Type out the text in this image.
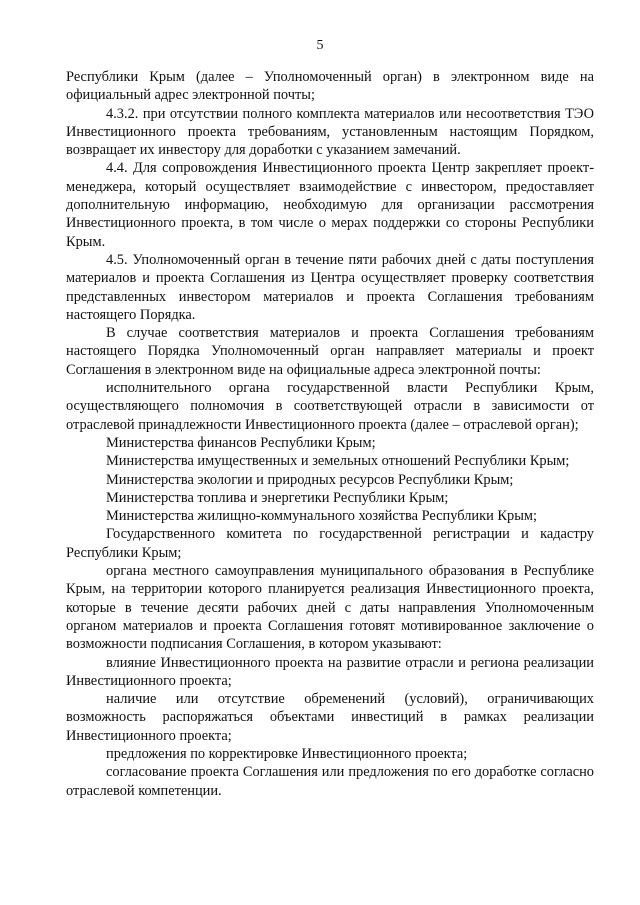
5

Республики Крым (далее – Уполномоченный орган) в электронном виде на официальный адрес электронной почты;

4.3.2. при отсутствии полного комплекта материалов или несоответствия ТЭО Инвестиционного проекта требованиям, установленным настоящим Порядком, возвращает их инвестору для доработки с указанием замечаний.

4.4. Для сопровождения Инвестиционного проекта Центр закрепляет проект-менеджера, который осуществляет взаимодействие с инвестором, предоставляет дополнительную информацию, необходимую для организации рассмотрения Инвестиционного проекта, в том числе о мерах поддержки со стороны Республики Крым.

4.5. Уполномоченный орган в течение пяти рабочих дней с даты поступления материалов и проекта Соглашения из Центра осуществляет проверку соответствия представленных инвестором материалов и проекта Соглашения требованиям настоящего Порядка.

В случае соответствия материалов и проекта Соглашения требованиям настоящего Порядка Уполномоченный орган направляет материалы и проект Соглашения в электронном виде на официальные адреса электронной почты:

исполнительного органа государственной власти Республики Крым, осуществляющего полномочия в соответствующей отрасли в зависимости от отраслевой принадлежности Инвестиционного проекта (далее – отраслевой орган);

Министерства финансов Республики Крым;

Министерства имущественных и земельных отношений Республики Крым;

Министерства экологии и природных ресурсов Республики Крым;

Министерства топлива и энергетики Республики Крым;

Министерства жилищно-коммунального хозяйства Республики Крым;

Государственного комитета по государственной регистрации и кадастру Республики Крым;

органа местного самоуправления муниципального образования в Республике Крым, на территории которого планируется реализация Инвестиционного проекта, которые в течение десяти рабочих дней с даты направления Уполномоченным органом материалов и проекта Соглашения готовят мотивированное заключение о возможности подписания Соглашения, в котором указывают:

влияние Инвестиционного проекта на развитие отрасли и региона реализации Инвестиционного проекта;

наличие или отсутствие обременений (условий), ограничивающих возможность распоряжаться объектами инвестиций в рамках реализации Инвестиционного проекта;

предложения по корректировке Инвестиционного проекта;

согласование проекта Соглашения или предложения по его доработке согласно отраслевой компетенции.
